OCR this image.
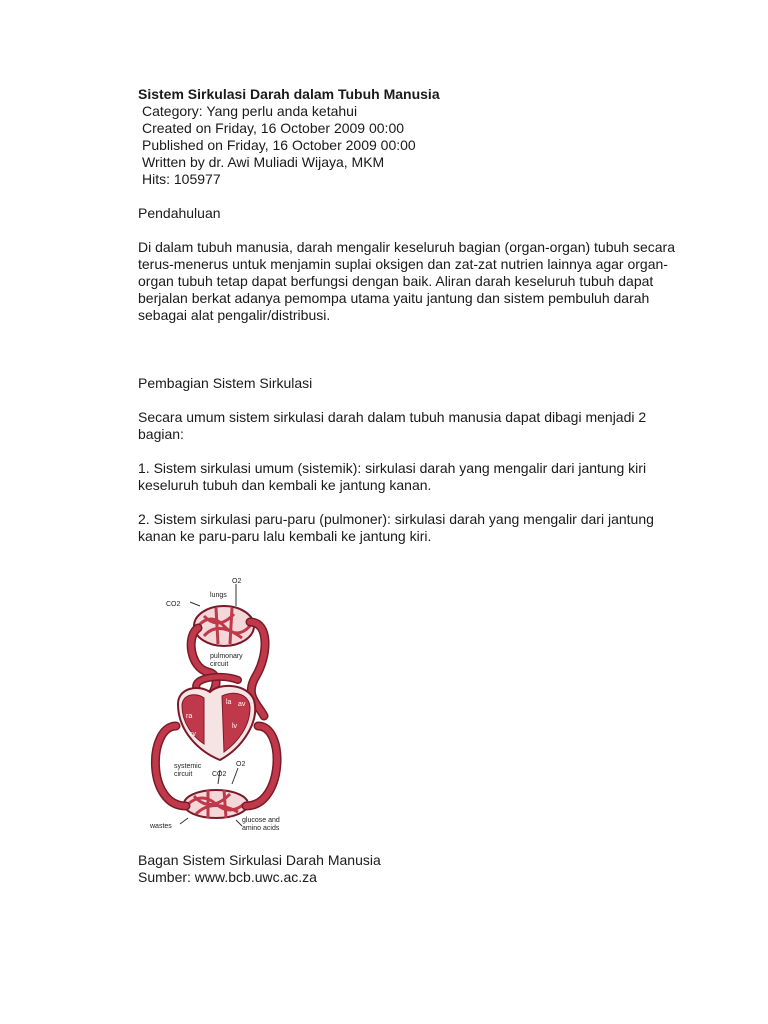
Sistem Sirkulasi Darah dalam Tubuh Manusia
Category: Yang perlu anda ketahui
Created on Friday, 16 October 2009 00:00
Published on Friday, 16 October 2009 00:00
Written by dr. Awi Muliadi Wijaya, MKM
Hits: 105977

Pendahuluan

Di dalam tubuh manusia, darah mengalir keseluruh bagian (organ-organ) tubuh secara
terus-menerus untuk menjamin suplai oksigen dan zat-zat nutrien lainnya agar organ-
organ tubuh tetap dapat berfungsi dengan baik. Aliran darah keseluruh tubuh dapat
berjalan berkat adanya pemompa utama yaitu jantung dan sistem pembuluh darah
sebagai alat pengalir/distribusi.

Pembagian Sistem Sirkulasi

Secara umum sistem sirkulasi darah dalam tubuh manusia dapat dibagi menjadi 2
bagian:

1. Sistem sirkulasi umum (sistemik): sirkulasi darah yang mengalir dari jantung kiri
keseluruh tubuh dan kembali ke jantung kanan.

2. Sistem sirkulasi paru-paru (pulmoner): sirkulasi darah yang mengalir dari jantung
kanan ke paru-paru lalu kembali ke jantung kiri.

O2
lungs
CO2
pulmonary
circuit
ra
la av
rv
lv
systemic
circuit	CO2
O2
wastes
glucose and
amino acids
Bagan Sistem Sirkulasi Darah Manusia
Sumber: www.bcb.uwc.ac.za
